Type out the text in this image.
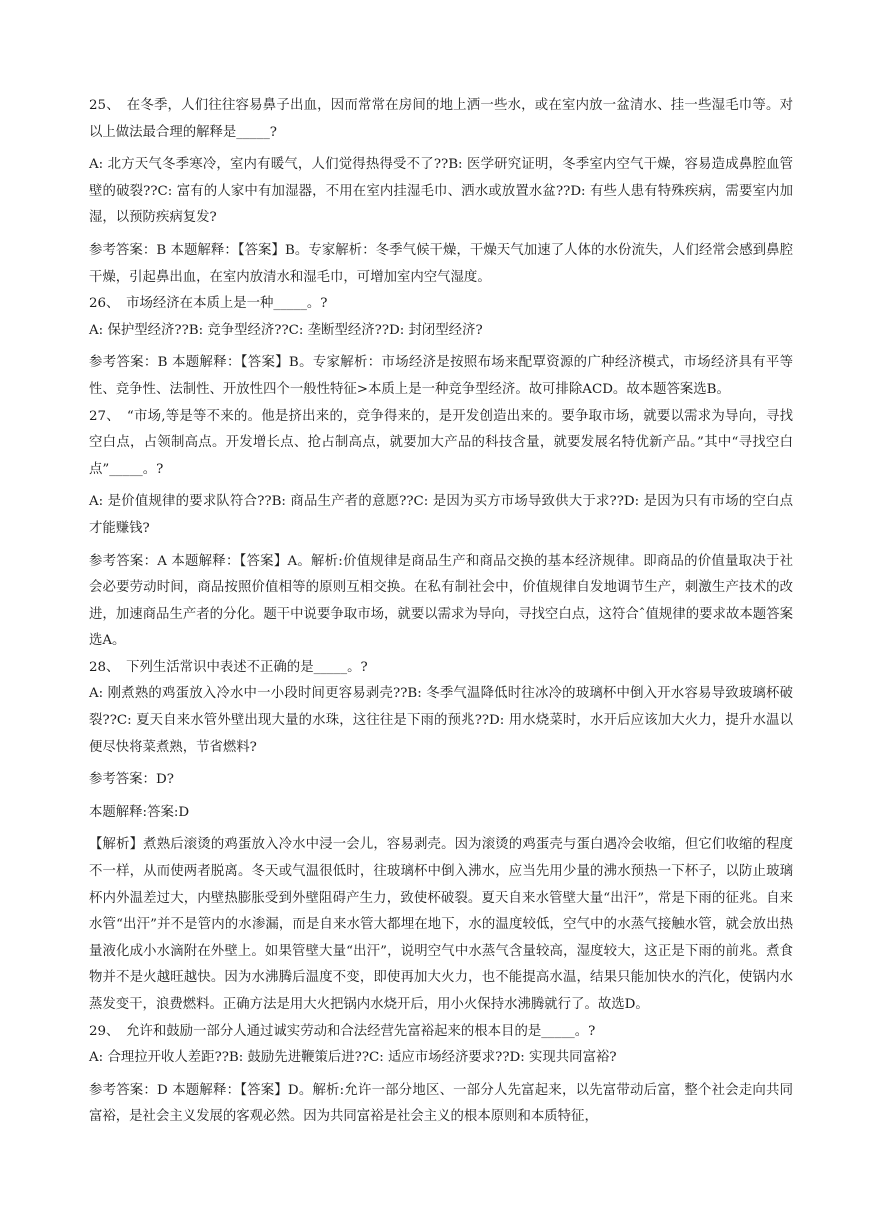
25、　在冬季，人们往往容易鼻子出血，因而常常在房间的地上洒一些水，或在室内放一盆清水、挂一些湿毛巾等。对以上做法最合理的解释是_____?

A: 北方天气冬季寒冷，室内有暖气，人们觉得热得受不了??B: 医学研究证明，冬季室内空气干燥，容易造成鼻腔血管壁的破裂??C: 富有的人家中有加湿器，不用在室内挂湿毛巾、洒水或放置水盆??D: 有些人患有特殊疾病，需要室内加湿，以预防疾病复发?

参考答案：B 本题解释：【答案】B。专家解析：冬季气候干燥，干燥天气加速了人体的水份流失，人们经常会感到鼻腔干燥，引起鼻出血，在室内放清水和湿毛巾，可增加室内空气湿度。

26、　市场经济在本质上是一种_____。?

A: 保护型经济??B: 竞争型经济??C: 垄断型经济??D: 封闭型经济?

参考答案：B 本题解释：【答案】B。专家解析：市场经济是按照布场来配覃资源的广种经济模式，市场经济具有平等性、竞争性、法制性、开放性四个一般性特征>本质上是一种竞争型经济。故可排除ACD。故本题答案选B。

27、　“市场,等是等不来的。他是挤出来的，竞争得来的，是开发创造出来的。要争取市场，就要以需求为导向，寻找空白点，占领制高点。开发增长点、抢占制高点，就要加大产品的科技含量，就要发展名特优新产品。”其中“寻找空白点”_____。?

A: 是价值规律的要求队符合??B: 商品生产者的意愿??C: 是因为买方市场导致供大于求??D: 是因为只有市场的空白点才能赚钱?

参考答案：A 本题解释：【答案】A。解析:价值规律是商品生产和商品交换的基本经济规律。即商品的价值量取决于社会必要劳动时间，商品按照价值相等的原则互相交换。在私有制社会中，价值规律自发地调节生产，刺激生产技术的改进，加速商品生产者的分化。题干中说要争取市场，就要以需求为导向，寻找空白点，这符合ˆ值规律的要求故本题答案选A。

28、　下列生活常识中表述不正确的是_____。?

A: 刚煮熟的鸡蛋放入冷水中一小段时间更容易剥壳??B: 冬季气温降低时往冰冷的玻璃杯中倒入开水容易导致玻璃杯破裂??C: 夏天自来水管外壁出现大量的水珠，这往往是下雨的预兆??D: 用水烧菜时，水开后应该加大火力，提升水温以便尽快将菜煮熟，节省燃料?

参考答案：D?

本题解释:答案:D

【解析】煮熟后滚烫的鸡蛋放入冷水中浸一会儿，容易剥壳。因为滚烫的鸡蛋壳与蛋白遇冷会收缩，但它们收缩的程度不一样，从而使两者脱离。冬天或气温很低时，往玻璃杯中倒入沸水，应当先用少量的沸水预热一下杯子，以防止玻璃杯内外温差过大，内壁热膨胀受到外壁阻碍产生力，致使杯破裂。夏天自来水管壁大量“出汗”，常是下雨的征兆。自来水管“出汗”并不是管内的水渗漏，而是自来水管大都埋在地下，水的温度较低，空气中的水蒸气接触水管，就会放出热量液化成小水滴附在外壁上。如果管壁大量“出汗”，说明空气中水蒸气含量较高，湿度较大，这正是下雨的前兆。煮食物并不是火越旺越快。因为水沸腾后温度不变，即使再加大火力，也不能提高水温，结果只能加快水的汽化，使锅内水蒸发变干，浪费燃料。正确方法是用大火把锅内水烧开后，用小火保持水沸腾就行了。故选D。

29、　允许和鼓励一部分人通过诚实劳动和合法经营先富裕起来的根本目的是_____。?

A: 合理拉开收人差距??B: 鼓励先进鞭策后进??C: 适应市场经济要求??D: 实现共同富裕?

参考答案：D 本题解释：【答案】D。解析:允许一部分地区、一部分人先富起来，以先富带动后富，整个社会走向共同富裕，是社会主义发展的客观必然。因为共同富裕是社会主义的根本原则和本质特征，
